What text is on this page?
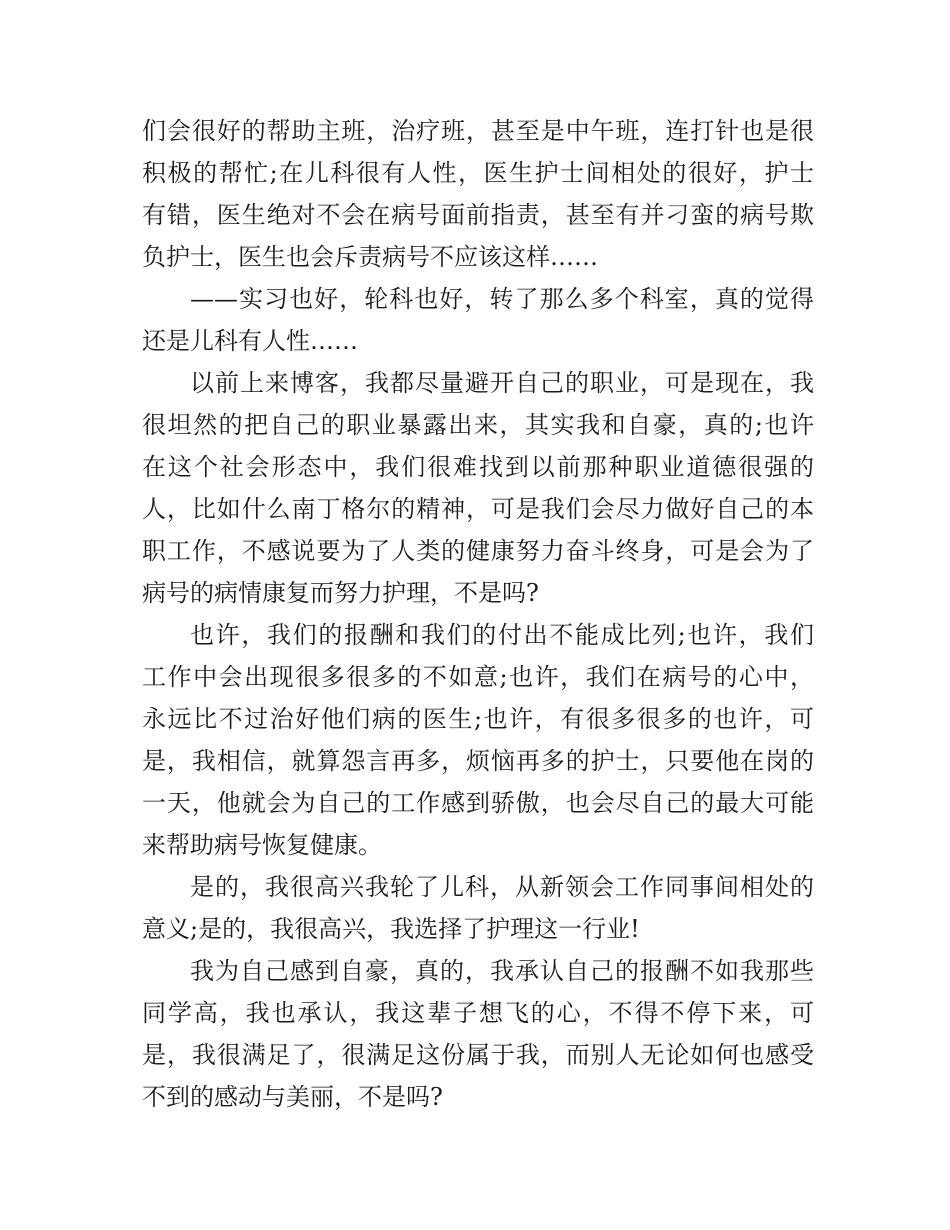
们会很好的帮助主班，治疗班，甚至是中午班，连打针也是很
积极的帮忙;在儿科很有人性，医生护士间相处的很好，护士
有错，医生绝对不会在病号面前指责，甚至有并刁蛮的病号欺
负护士，医生也会斥责病号不应该这样……
——实习也好，轮科也好，转了那么多个科室，真的觉得
还是儿科有人性……
以前上来博客，我都尽量避开自己的职业，可是现在，我
很坦然的把自己的职业暴露出来，其实我和自豪，真的;也许
在这个社会形态中，我们很难找到以前那种职业道德很强的
人，比如什么南丁格尔的精神，可是我们会尽力做好自己的本
职工作，不感说要为了人类的健康努力奋斗终身，可是会为了
病号的病情康复而努力护理，不是吗?
也许，我们的报酬和我们的付出不能成比列;也许，我们
工作中会出现很多很多的不如意;也许，我们在病号的心中，
永远比不过治好他们病的医生;也许，有很多很多的也许，可
是，我相信，就算怨言再多，烦恼再多的护士，只要他在岗的
一天，他就会为自己的工作感到骄傲，也会尽自己的最大可能
来帮助病号恢复健康。
是的，我很高兴我轮了儿科，从新领会工作同事间相处的
意义;是的，我很高兴，我选择了护理这一行业!
我为自己感到自豪，真的，我承认自己的报酬不如我那些
同学高，我也承认，我这辈子想飞的心，不得不停下来，可
是，我很满足了，很满足这份属于我，而别人无论如何也感受
不到的感动与美丽，不是吗?
